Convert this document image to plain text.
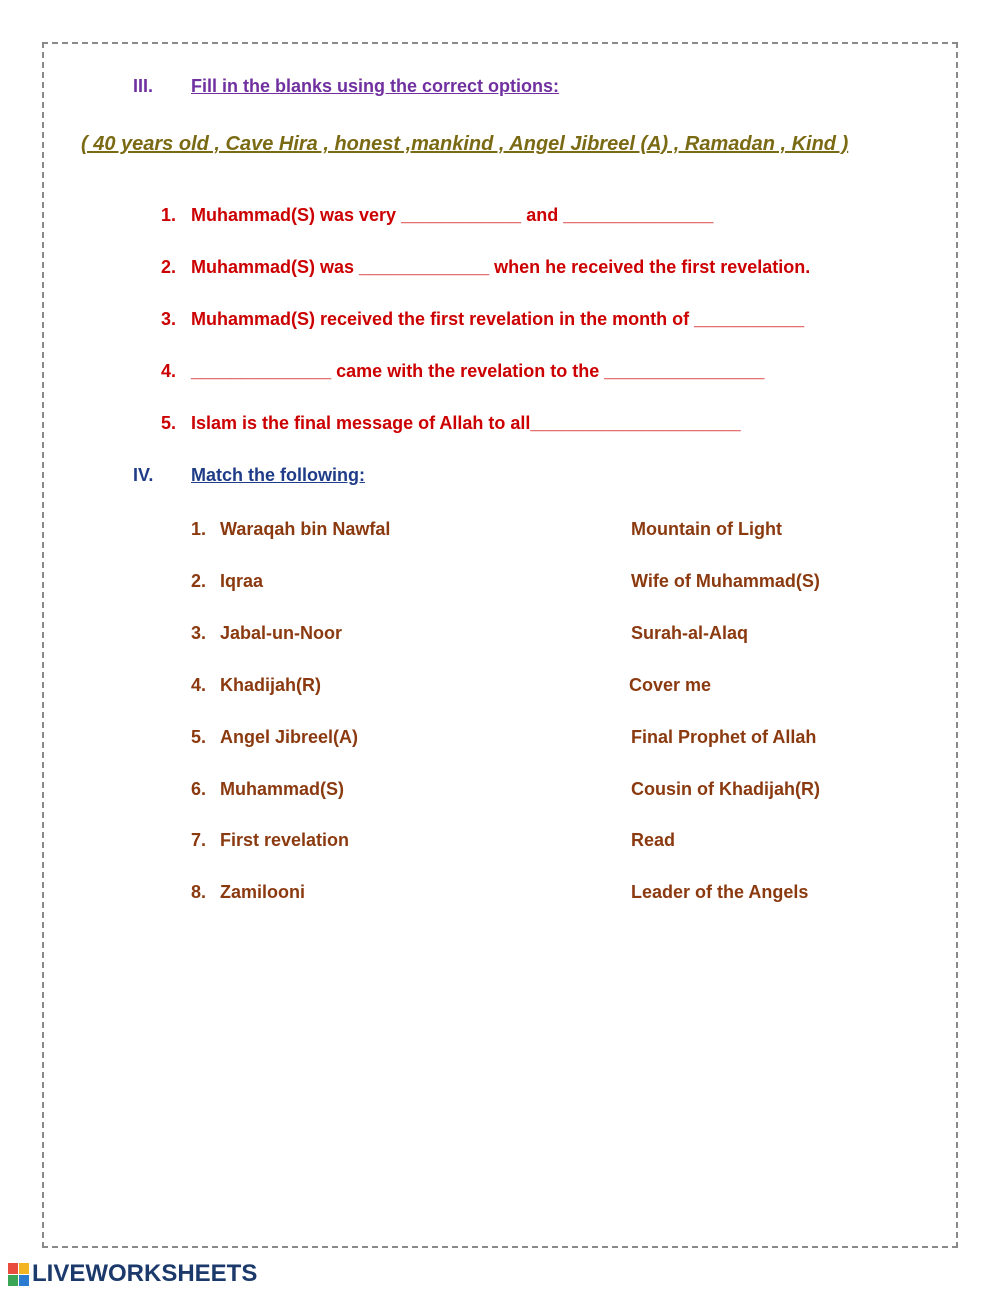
III. Fill in the blanks using the correct options:
( 40 years old , Cave Hira , honest ,mankind , Angel Jibreel (A) , Ramadan , Kind )
1. Muhammad(S) was very ____________ and _______________
2. Muhammad(S) was _____________ when he received the first revelation.
3. Muhammad(S) received the first revelation in the month of ___________
4. ______________ came with the revelation to the ________________
5. Islam is the final message of Allah to all_____________________
IV. Match the following:
1. Waraqah bin Nawfal
2. Iqraa
3. Jabal-un-Noor
4. Khadijah(R)
5. Angel Jibreel(A)
6. Muhammad(S)
7. First revelation
8. Zamilooni
Mountain of Light
Wife of Muhammad(S)
Surah-al-Alaq
Cover me
Final Prophet of Allah
Cousin of Khadijah(R)
Read
Leader of the Angels
LIVEWORKSHEETS
